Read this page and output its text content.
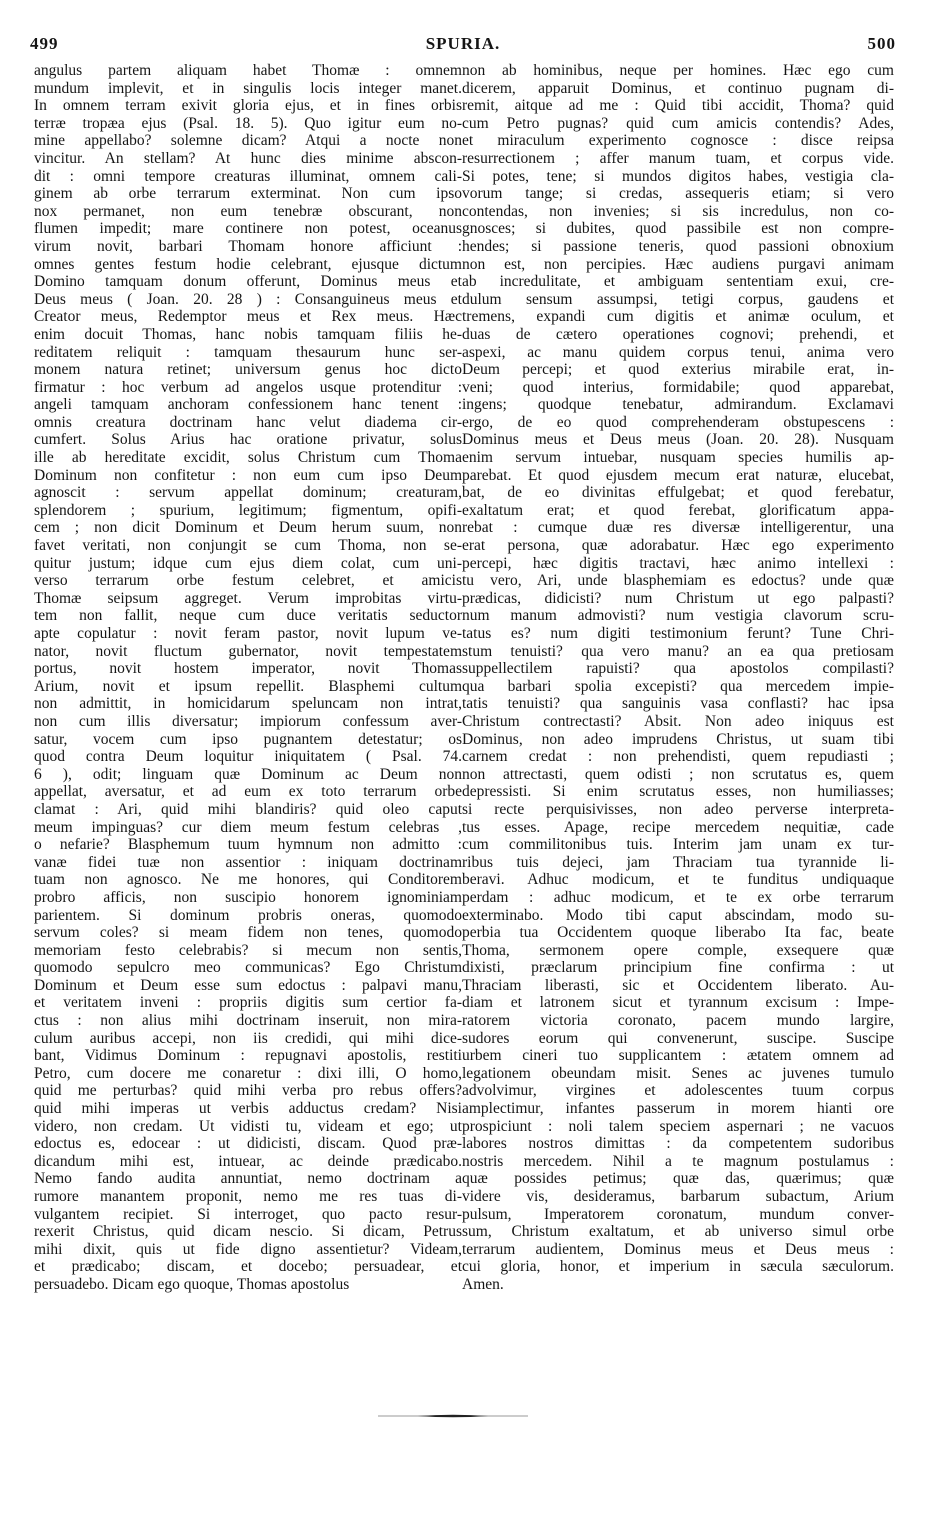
499	SPURIA.	500
angulus partem aliquam habet Thomæ : omnem
mundum implevit, et in singulis locis integer manet.
In omnem terram exivit gloria ejus, et in fines orbis
terræ tropæa ejus (Psal. 18. 5). Quo igitur eum no-
mine appellabo? solemne dicam? Atqui a nocte non
vincitur. An stellam? At hunc dies minime abscon-
dit : omni tempore creaturas illuminat, omnem cali-
ginem ab orbe terrarum exterminat. Non cum ipso
nox permanet, non eum tenebræ obscurant, non
flumen impedit; mare continere non potest, oceanus
virum novit, barbari Thomam honore afficiunt :
omnes gentes festum hodie celebrant, ejusque dictum
Domino tamquam donum offerunt, Dominus meus et
Deus meus ( Joan. 20. 28 ) : Consanguineus meus et
Creator meus, Redemptor meus et Rex meus. Hæc
enim docuit Thomas, hanc nobis tamquam filiis he-
reditatem reliquit : tamquam thesaurum hunc ser-
monem natura retinet; universum genus hoc dicto
firmatur : hoc verbum ad angelos usque protenditur :
angeli tamquam anchoram confessionem hanc tenent :
omnis creatura doctrinam hanc velut diadema cir-
cumfert. Solus Arius hac oratione privatur, solus
ille ab hereditate excidit, solus Christum cum Thoma
Dominum non confitetur : non eum cum ipso Deum
agnoscit : servum appellat dominum; creaturam,
splendorem ; spurium, legitimum; figmentum, opifi-
cem ; non dicit Dominum et Deum herum suum, non
favet veritati, non conjungit se cum Thoma, non se-
quitur justum; idque cum ejus diem colat, cum uni-
verso terrarum orbe festum celebret, et amicis
Thomæ seipsum aggreget. Verum improbitas virtu-
tem non fallit, neque cum duce veritatis seductor
apte copulatur : novit feram pastor, novit lupum ve-
nator, novit fluctum gubernator, novit tempestatem
portus, novit hostem imperator, novit Thomas
Arium, novit et ipsum repellit. Blasphemi cultum
non admittit, in homicidarum speluncam non intrat,
non cum illis diversatur; impiorum confessum aver-
satur, vocem cum ipso pugnantem detestatur; os
quod contra Deum loquitur iniquitatem ( Psal. 74.
6 ), odit; linguam quæ Dominum ac Deum non
appellat, aversatur, et ad eum ex toto terrarum orbe
clamat : Ari, quid mihi blandiris? quid oleo caput
meum impinguas? cur diem meum festum celebras ,
o nefarie? Blasphemum tuum hymnum non admitto :
vanæ fidei tuæ non assentior : iniquam doctrinam
tuam non agnosco. Ne me honores, qui Conditorem
probro afficis, non suscipio honorem ignominiam
parientem. Si dominum probris oneras, quomodo
servum coles? si meam fidem non tenes, quomodo
memoriam festo celebrabis? si mecum non sentis,
quomodo sepulcro meo communicas? Ego Christum
Dominum et Deum esse sum edoctus : palpavi manu,
et veritatem inveni : propriis digitis sum certior fa-
ctus : non alius mihi doctrinam inseruit, non mira-
culum auribus accepi, non iis credidi, qui mihi dice-
bant, Vidimus Dominum : repugnavi apostolis, restiti
Petro, cum docere me conaretur : dixi illi, O homo,
quid me perturbas? quid mihi verba pro rebus offers?
quid mihi imperas ut verbis adductus credam? Nisi
videro, non credam. Ut vidisti tu, videam et ego; ut
edoctus es, edocear : ut didicisti, discam. Quod præ-
dicandum mihi est, intuear, ac deinde prædicabo.
Nemo fando audita annuntiat, nemo doctrinam a
rumore manantem proponit, nemo me res tuas di-
vulgantem recipiet. Si interroget, quo pacto resur-
rexerit Christus, quid dicam nescio. Si dicam, Petrus
mihi dixit, quis ut fide digno assentietur? Videam,
et prædicabo; discam, et docebo; persuadear, et
persuadebo. Dicam ego quoque, Thomas apostolus
non ab hominibus, neque per homines. Hæc ego cum
dicerem, apparuit Dominus, et continuo pugnam di-
remit, aitque ad me : Quid tibi accidit, Thoma? quid
cum Petro pugnas? quid cum amicis contendis? Ades,
et miraculum experimento cognosce : disce reipsa
resurrectionem ; affer manum tuam, et corpus vide.
Si potes, tene; si mundos digitos habes, vestigia cla-
vorum tange; si credas, assequeris etiam; si vero
contendas, non invenies; si sis incredulus, non co-
gnosces; si dubites, quod passibile est non compre-
hendes; si passione teneris, quod passioni obnoxium
non est, non percipies. Hæc audiens purgavi animam
ab incredulitate, et ambiguam sententiam exui, cre-
dulum sensum assumpsi, tetigi corpus, gaudens et
tremens, expandi cum digitis et animæ oculum, et
duas de cætero operationes cognovi; prehendi, et
aspexi, ac manu quidem corpus tenui, anima vero
Deum percepi; et quod exterius mirabile erat, in-
veni; quod interius, formidabile; quod apparebat,
ingens; quodque tenebatur, admirandum. Exclamavi
ergo, de eo quod comprehenderam obstupescens :
Dominus meus et Deus meus (Joan. 20. 28). Nusquam
enim servum intuebar, nusquam species humilis ap-
parebat. Et quod ejusdem mecum erat naturæ, elucebat,
bat, de eo divinitas effulgebat; et quod ferebatur,
exaltatum erat; et quod ferebat, glorificatum appa-
rebat : cumque duæ res diversæ intelligerentur, una
erat persona, quæ adorabatur. Hæc ego experimento
percepi, hæc digitis tractavi, hæc animo intellexi :
tu vero, Ari, unde blasphemiam es edoctus? unde quæ
prædicas, didicisti? num Christum ut ego palpasti?
num manum admovisti? num vestigia clavorum scru-
tatus es? num digiti testimonium ferunt? Tune Chri-
stum tenuisti? qua vero manu? an ea qua pretiosam
suppellectilem rapuisti? qua apostolos compilasti?
qua barbari spolia excepisti? qua mercedem impie-
tatis tenuisti? qua sanguinis vasa conflasti? hac ipsa
Christum contrectasti? Absit. Non adeo iniquus est
Dominus, non adeo imprudens Christus, ut suam tibi
carnem credat : non prehendisti, quem repudiasti ;
non attrectasti, quem odisti ; non scrutatus es, quem
depressisti. Si enim scrutatus esses, non humiliasses;
si recte perquisivisses, non adeo perverse interpreta-
tus esses. Apage, recipe mercedem nequitiæ, cade
cum commilitonibus tuis. Interim jam unam ex tur-
ribus tuis dejeci, jam Thraciam tua tyrannide li-
beravi. Adhuc modicum, et te funditus undiquaque
perdam : adhuc modicum, et te ex orbe terrarum
exterminabo. Modo tibi caput abscindam, modo su-
perbia tua Occidentem quoque liberabo Ita fac, beate
Thoma, sermonem opere comple, exsequere quæ
dixisti, præclarum principium fine confirma : ut
Thraciam liberasti, sic et Occidentem liberato. Au-
diam et latronem sicut et tyrannum excisum : Impe-
ratorem victoria coronato, pacem mundo largire,
sudores eorum qui convenerunt, suscipe. Suscipe
urbem cineri tuo supplicantem : ætatem omnem ad
legationem obeundam misit. Senes ac juvenes tumulo
advolvimur, virgines et adolescentes tuum corpus
amplectimur, infantes passerum in morem hianti ore
prospiciunt : noli talem speciem aspernari ; ne vacuos
labores nostros dimittas : da competentem sudoribus
nostris mercedem. Nihil a te magnum postulamus :
quæ possides petimus; quæ das, quærimus; quæ
videre vis, desideramus, barbarum subactum, Arium
pulsum, Imperatorem coronatum, mundum conver-
sum, Christum exaltatum, et ab universo simul orbe
terrarum audientem, Dominus meus et Deus meus :
cui gloria, honor, et imperium in sæcula sæculorum.
Amen.
